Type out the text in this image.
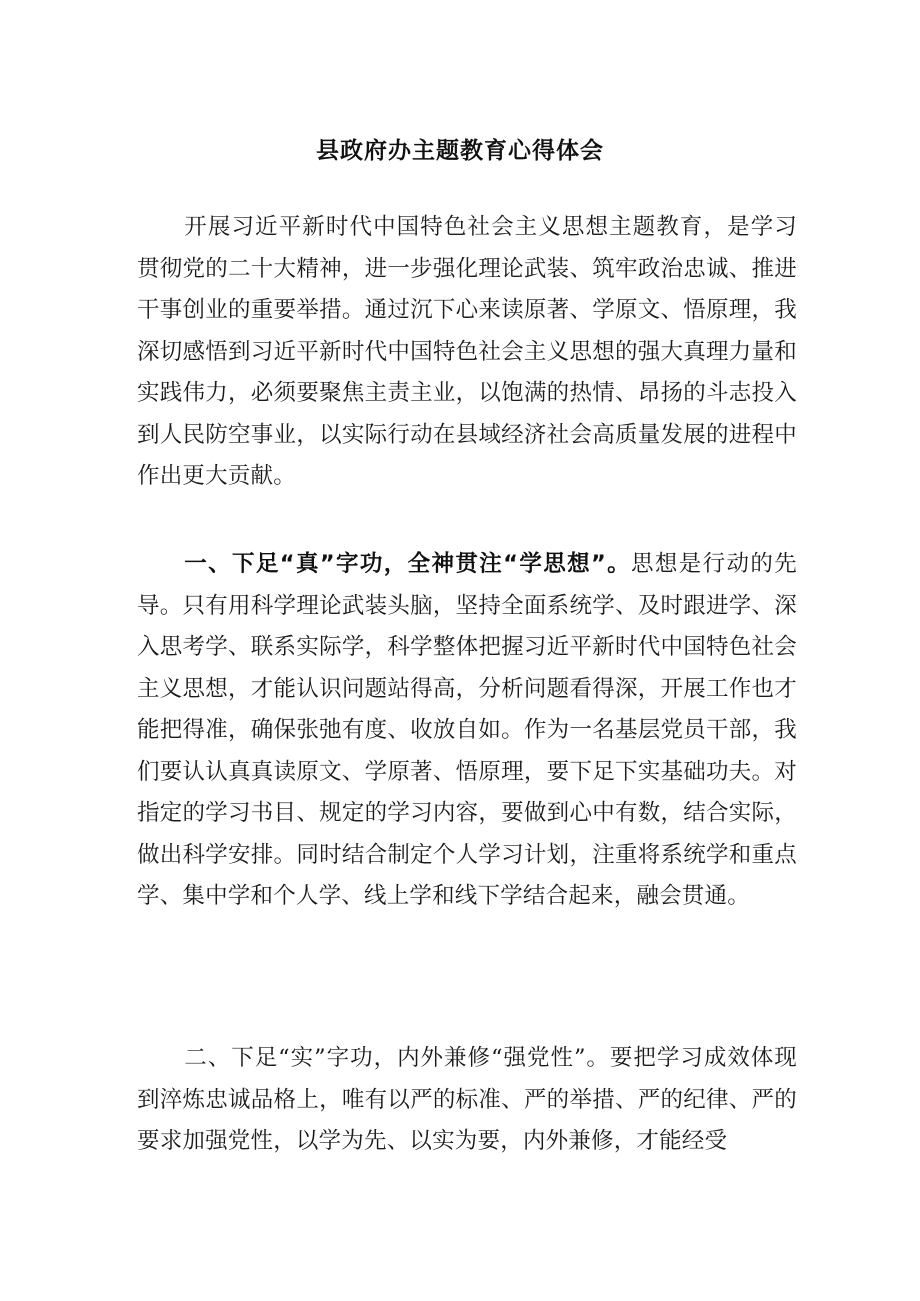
县政府办主题教育心得体会

开展习近平新时代中国特色社会主义思想主题教育，是学习贯彻党的二十大精神，进一步强化理论武装、筑牢政治忠诚、推进干事创业的重要举措。通过沉下心来读原著、学原文、悟原理，我深切感悟到习近平新时代中国特色社会主义思想的强大真理力量和实践伟力，必须要聚焦主责主业，以饱满的热情、昂扬的斗志投入到人民防空事业，以实际行动在县域经济社会高质量发展的进程中作出更大贡献。

一、下足“真”字功，全神贯注“学思想”。思想是行动的先导。只有用科学理论武装头脑，坚持全面系统学、及时跟进学、深入思考学、联系实际学，科学整体把握习近平新时代中国特色社会主义思想，才能认识问题站得高，分析问题看得深，开展工作也才能把得准，确保张弛有度、收放自如。作为一名基层党员干部，我们要认认真真读原文、学原著、悟原理，要下足下实基础功夫。对指定的学习书目、规定的学习内容，要做到心中有数，结合实际，做出科学安排。同时结合制定个人学习计划，注重将系统学和重点学、集中学和个人学、线上学和线下学结合起来，融会贯通。

二、下足“实”字功，内外兼修“强党性”。要把学习成效体现到淬炼忠诚品格上，唯有以严的标准、严的举措、严的纪律、严的要求加强党性，以学为先、以实为要，内外兼修，才能经受
